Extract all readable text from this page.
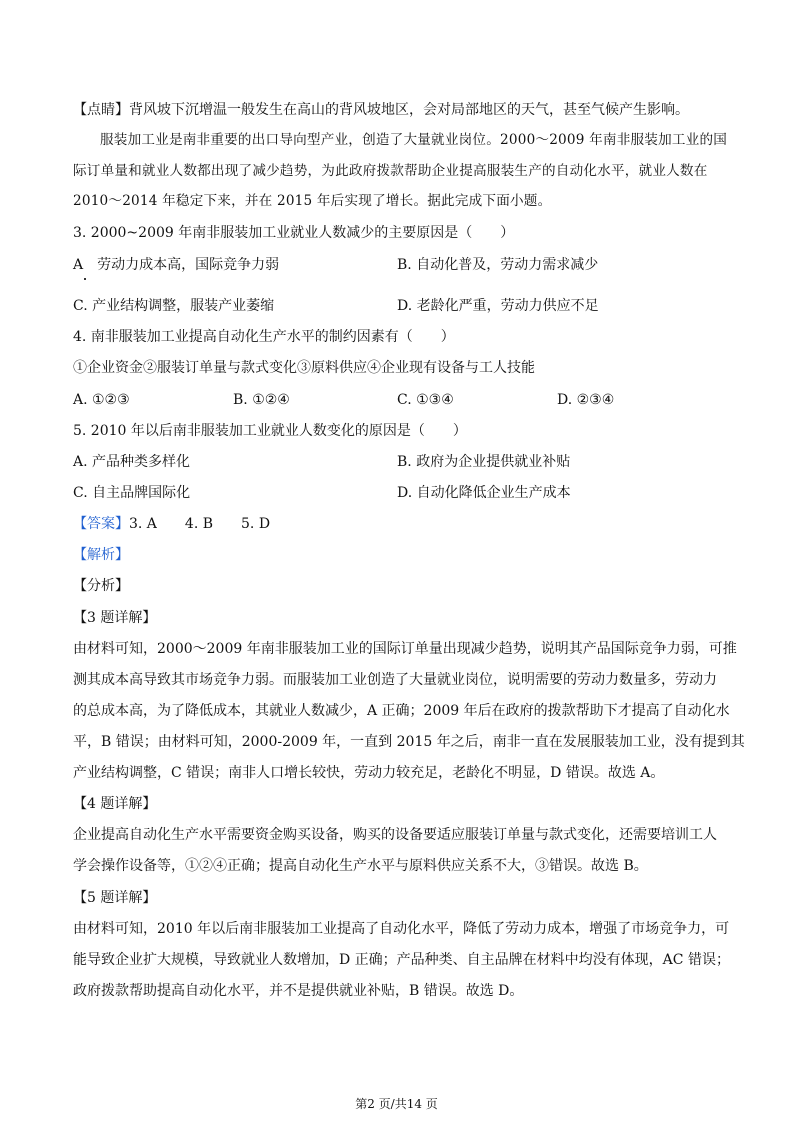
【点睛】背风坡下沉增温一般发生在高山的背风坡地区，会对局部地区的天气，甚至气候产生影响。
服装加工业是南非重要的出口导向型产业，创造了大量就业岗位。2000～2009 年南非服装加工业的国
际订单量和就业人数都出现了减少趋势，为此政府拨款帮助企业提高服装生产的自动化水平，就业人数在
2010～2014 年稳定下来，并在 2015 年后实现了增长。据此完成下面小题。
3. 2000~2009 年南非服装加工业就业人数减少的主要原因是（　　）
A　劳动力成本高，国际竞争力弱	B. 自动化普及，劳动力需求减少
C. 产业结构调整，服装产业萎缩	D. 老龄化严重，劳动力供应不足
4. 南非服装加工业提高自动化生产水平的制约因素有（　　）
①企业资金②服装订单量与款式变化③原料供应④企业现有设备与工人技能
A. ①②③	B. ①②④	C. ①③④	D. ②③④
5. 2010 年以后南非服装加工业就业人数变化的原因是（　　）
A. 产品种类多样化	B. 政府为企业提供就业补贴
C. 自主品牌国际化	D. 自动化降低企业生产成本
【答案】3. A　　4. B　　5. D
【解析】
【分析】
【3 题详解】
由材料可知，2000～2009 年南非服装加工业的国际订单量出现减少趋势，说明其产品国际竞争力弱，可推
测其成本高导致其市场竞争力弱。而服装加工业创造了大量就业岗位，说明需要的劳动力数量多，劳动力
的总成本高，为了降低成本，其就业人数减少，A 正确；2009 年后在政府的拨款帮助下才提高了自动化水
平，B 错误；由材料可知，2000-2009 年，一直到 2015 年之后，南非一直在发展服装加工业，没有提到其
产业结构调整，C 错误；南非人口增长较快，劳动力较充足，老龄化不明显，D 错误。故选 A。
【4 题详解】
企业提高自动化生产水平需要资金购买设备，购买的设备要适应服装订单量与款式变化，还需要培训工人
学会操作设备等，①②④正确；提高自动化生产水平与原料供应关系不大，③错误。故选 B。
【5 题详解】
由材料可知，2010 年以后南非服装加工业提高了自动化水平，降低了劳动力成本，增强了市场竞争力，可
能导致企业扩大规模，导致就业人数增加，D 正确；产品种类、自主品牌在材料中均没有体现，AC 错误；
政府拨款帮助提高自动化水平，并不是提供就业补贴，B 错误。故选 D。
第2 页/共14 页
